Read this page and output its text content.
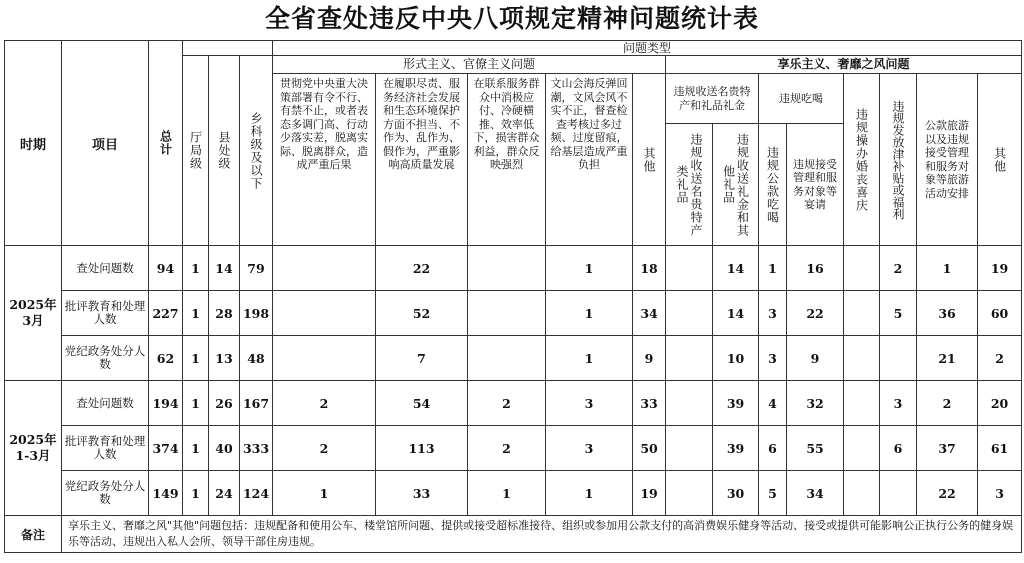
全省查处违反中央八项规定精神问题统计表
时期	项目	总计				问题类型												

			厅局级	县处级	乡科级及以下	形式主义、官僚主义问题					享乐主义、奢靡之风问题							
						贯彻党中央重大决策部署有令不行、有禁不止，或者表态多调门高、行动少落实差，脱离实际、脱离群众，造成严重后果	在履职尽责、服务经济社会发展和生态环境保护方面不担当、不作为、乱作为、假作为，严重影响高质量发展	在联系服务群众中消极应付、冷硬横推、效率低下，损害群众利益，群众反映强烈	文山会海反弹回潮，文风会风不实不正，督查检查考核过多过频、过度留痕，给基层造成严重负担	其他	违规收送名贵特产和礼品礼金		违规吃喝		违规操办婚丧喜庆	违规发放津补贴或福利	公款旅游以及违规接受管理和服务对象等旅游活动安排	其他

											违规收送名贵特产类礼品	违规收送礼金和其他礼品	违规公款吃喝	违规接受管理和服务对象等宴请				

2025年
3月	查处问题数	94	1	14	79		22		1	18		14	1	16		2	1	19
	批评教育和处理人数	227	1	28	198		52		1	34		14	3	22		5	36	60
	党纪政务处分人数	62	1	13	48		7		1	9		10	3	9			21	2

2025年
1-3月	查处问题数	194	1	26	167	2	54	2	3	33		39	4	32		3	2	20
	批评教育和处理人数	374	1	40	333	2	113	2	3	50		39	6	55		6	37	61
	党纪政务处分人数	149	1	24	124	1	33	1	1	19		30	5	34			22	3
备注	享乐主义、奢靡之风"其他"问题包括：违规配备和使用公车、楼堂馆所问题、提供或接受超标准接待、组织或参加用公款支付的高消费娱乐健身等活动、接受或提供可能影响公正执行公务的健身娱乐等活动、违规出入私人会所、领导干部住房违规。																	
